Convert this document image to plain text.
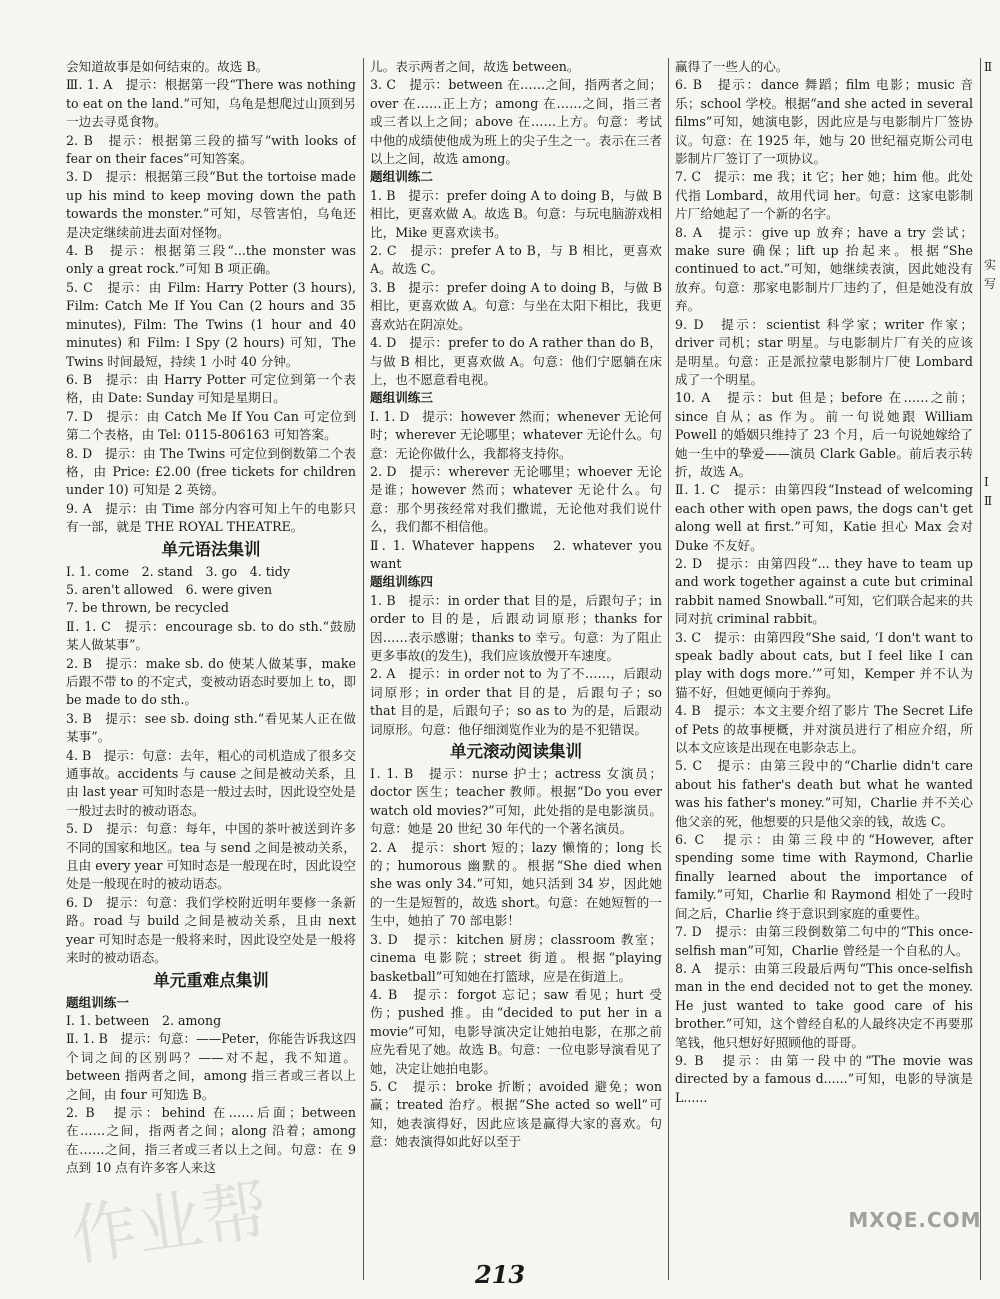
会知道故事是如何结束的。故选 B。

Ⅲ. 1. A　提示：根据第一段“There was nothing to eat on the land.”可知，乌龟是想爬过山顶到另一边去寻觅食物。

2. B　提示：根据第三段的描写“with looks of fear on their faces”可知答案。

3. D　提示：根据第三段“But the tortoise made up his mind to keep moving down the path towards the monster.”可知，尽管害怕，乌龟还是决定继续前进去面对怪物。

4. B　提示：根据第三段“...the monster was only a great rock.”可知 B 项正确。

5. C　提示：由 Film: Harry Potter (3 hours), Film: Catch Me If You Can (2 hours and 35 minutes), Film: The Twins (1 hour and 40 minutes) 和 Film: I Spy (2 hours) 可知，The Twins 时间最短，持续 1 小时 40 分钟。

6. B　提示：由 Harry Potter 可定位到第一个表格，由 Date: Sunday 可知是星期日。

7. D　提示：由 Catch Me If You Can 可定位到第二个表格，由 Tel: 0115-806163 可知答案。

8. D　提示：由 The Twins 可定位到倒数第二个表格，由 Price: £2.00 (free tickets for children under 10) 可知是 2 英镑。

9. A　提示：由 Time 部分内容可知上午的电影只有一部，就是 THE ROYAL THEATRE。

单元语法集训

Ⅰ. 1. come　2. stand　3. go　4. tidy

5. aren't allowed　6. were given

7. be thrown, be recycled

Ⅱ. 1. C　提示：encourage sb. to do sth.“鼓励某人做某事”。

2. B　提示：make sb. do 使某人做某事，make 后跟不带 to 的不定式，变被动语态时要加上 to，即 be made to do sth.。

3. B　提示：see sb. doing sth.“看见某人正在做某事”。

4. B　提示：句意：去年，粗心的司机造成了很多交通事故。accidents 与 cause 之间是被动关系，且由 last year 可知时态是一般过去时，因此设空处是一般过去时的被动语态。

5. D　提示：句意：每年，中国的茶叶被送到许多不同的国家和地区。tea 与 send 之间是被动关系，且由 every year 可知时态是一般现在时，因此设空处是一般现在时的被动语态。

6. D　提示：句意：我们学校附近明年要修一条新路。road 与 build 之间是被动关系，且由 next year 可知时态是一般将来时，因此设空处是一般将来时的被动语态。

单元重难点集训
题组训练一

Ⅰ. 1. between　2. among

Ⅱ. 1. B　提示：句意：——Peter，你能告诉我这四个词之间的区别吗？——对不起，我不知道。between 指两者之间，among 指三者或三者以上之间，由 four 可知选 B。

2. B　提示：behind 在……后面；between 在……之间，指两者之间；along 沿着；among 在……之间，指三者或三者以上之间。句意：在 9 点到 10 点有许多客人来这

儿。表示两者之间，故选 between。

3. C　提示：between 在……之间，指两者之间；over 在……正上方；among 在……之间，指三者或三者以上之间；above 在……上方。句意：考试中他的成绩使他成为班上的尖子生之一。表示在三者以上之间，故选 among。

题组训练二

1. B　提示：prefer doing A to doing B，与做 B 相比，更喜欢做 A。故选 B。句意：与玩电脑游戏相比，Mike 更喜欢读书。

2. C　提示：prefer A to B，与 B 相比，更喜欢 A。故选 C。

3. B　提示：prefer doing A to doing B，与做 B 相比，更喜欢做 A。句意：与坐在太阳下相比，我更喜欢站在阴凉处。

4. D　提示：prefer to do A rather than do B，与做 B 相比，更喜欢做 A。句意：他们宁愿躺在床上，也不愿意看电视。

题组训练三

Ⅰ. 1. D　提示：however 然而；whenever 无论何时；wherever 无论哪里；whatever 无论什么。句意：无论你做什么，我都将支持你。

2. D　提示：wherever 无论哪里；whoever 无论是谁；however 然而；whatever 无论什么。句意：那个男孩经常对我们撒谎，无论他对我们说什么，我们都不相信他。

Ⅱ. 1. Whatever happens　2. whatever you want

题组训练四

1. B　提示：in order that 目的是，后跟句子；in order to 目的是，后跟动词原形；thanks for 因……表示感谢；thanks to 幸亏。句意：为了阻止更多事故(的发生)，我们应该放慢开车速度。

2. A　提示：in order not to 为了不……，后跟动词原形；in order that 目的是，后跟句子；so that 目的是，后跟句子；so as to 为的是，后跟动词原形。句意：他仔细浏览作业为的是不犯错误。

单元滚动阅读集训

Ⅰ. 1. B　提示：nurse 护士；actress 女演员；doctor 医生；teacher 教师。根据“Do you ever watch old movies?”可知，此处指的是电影演员。句意：她是 20 世纪 30 年代的一个著名演员。

2. A　提示：short 短的；lazy 懒惰的；long 长的；humorous 幽默的。根据“She died when she was only 34.”可知，她只活到 34 岁，因此她的一生是短暂的，故选 short。句意：在她短暂的一生中，她拍了 70 部电影！

3. D　提示：kitchen 厨房；classroom 教室；cinema 电影院；street 街道。根据“playing basketball”可知她在打篮球，应是在街道上。

4. B　提示：forgot 忘记；saw 看见；hurt 受伤；pushed 推。由“decided to put her in a movie”可知，电影导演决定让她拍电影，在那之前应先看见了她。故选 B。句意：一位电影导演看见了她，决定让她拍电影。

5. C　提示：broke 折断；avoided 避免；won 赢；treated 治疗。根据“She acted so well”可知，她表演得好，因此应该是赢得大家的喜欢。句意：她表演得如此好以至于

赢得了一些人的心。

6. B　提示：dance 舞蹈；film 电影；music 音乐；school 学校。根据“and she acted in several films”可知，她演电影，因此应是与电影制片厂签协议。句意：在 1925 年，她与 20 世纪福克斯公司电影制片厂签订了一项协议。

7. C　提示：me 我；it 它；her 她；him 他。此处代指 Lombard，故用代词 her。句意：这家电影制片厂给她起了一个新的名字。

8. A　提示：give up 放弃；have a try 尝试；make sure 确保；lift up 抬起来。根据“She continued to act.”可知，她继续表演，因此她没有放弃。句意：那家电影制片厂违约了，但是她没有放弃。

9. D　提示：scientist 科学家；writer 作家；driver 司机；star 明星。与电影制片厂有关的应该是明星。句意：正是派拉蒙电影制片厂使 Lombard 成了一个明星。

10. A　提示：but 但是；before 在……之前；since 自从；as 作为。前一句说她跟 William Powell 的婚姻只维持了 23 个月，后一句说她嫁给了她一生中的挚爱——演员 Clark Gable。前后表示转折，故选 A。

Ⅱ. 1. C　提示：由第四段“Instead of welcoming each other with open paws, the dogs can't get along well at first.”可知，Katie 担心 Max 会对 Duke 不友好。

2. D　提示：由第四段“... they have to team up and work together against a cute but criminal rabbit named Snowball.”可知，它们联合起来的共同对抗 criminal rabbit。

3. C　提示：由第四段“She said, ‘I don't want to speak badly about cats, but I feel like I can play with dogs more.’”可知，Kemper 并不认为猫不好，但她更倾向于养狗。

4. B　提示：本文主要介绍了影片 The Secret Life of Pets 的故事梗概，并对演员进行了相应介绍，所以本文应该是出现在电影杂志上。

5. C　提示：由第三段中的“Charlie didn't care about his father's death but what he wanted was his father's money.”可知，Charlie 并不关心他父亲的死，他想要的只是他父亲的钱，故选 C。

6. C　提示：由第三段中的“However, after spending some time with Raymond, Charlie finally learned about the importance of family.”可知，Charlie 和 Raymond 相处了一段时间之后，Charlie 终于意识到家庭的重要性。

7. D　提示：由第三段倒数第二句中的“This once-selfish man”可知，Charlie 曾经是一个自私的人。

8. A　提示：由第三段最后两句“This once-selfish man in the end decided not to get the money. He just wanted to take good care of his brother.”可知，这个曾经自私的人最终决定不再要那笔钱，他只想好好照顾他的哥哥。

9. B　提示：由第一段中的“The movie was directed by a famous d......”可知，电影的导演是 L......

Ⅱ

实

写

Ⅰ

Ⅱ

作业帮	MXQE.COM
213
